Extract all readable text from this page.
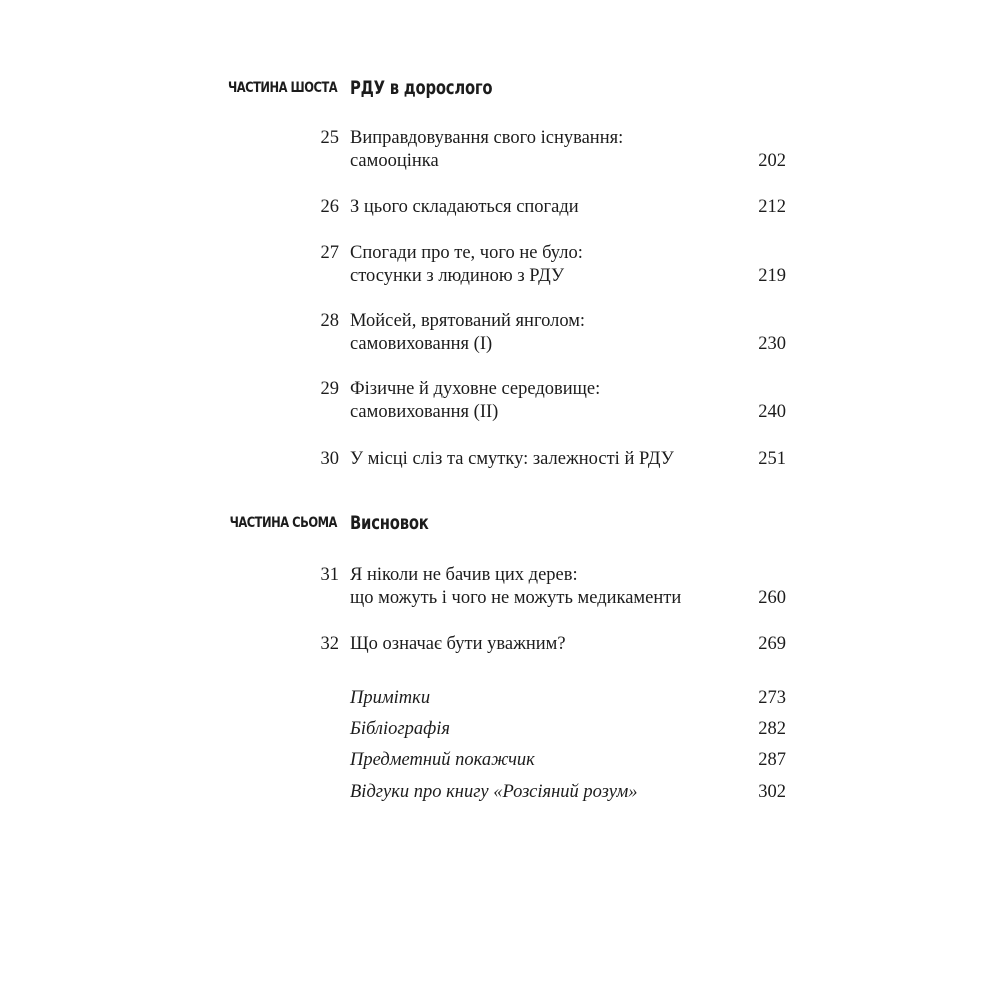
ЧАСТИНА ШОСТА РДУ в дорослого
25 Виправдовування свого існування:
самооцінка	202
26 З цього складаються спогади	212
27 Спогади про те, чого не було:
стосунки з людиною з РДУ	219
28 Мойсей, врятований янголом:
самовиховання (I)	230
29 Фізичне й духовне середовище:
самовиховання (II)	240
30 У місці сліз та смутку: залежності й РДУ	251
ЧАСТИНА СЬОМА Висновок
31 Я ніколи не бачив цих дерев:
що можуть і чого не можуть медикаменти	260
32 Що означає бути уважним?	269
Примітки	273
Бібліографія	282
Предметний покажчик	287
Відгуки про книгу «Розсіяний розум»	302
